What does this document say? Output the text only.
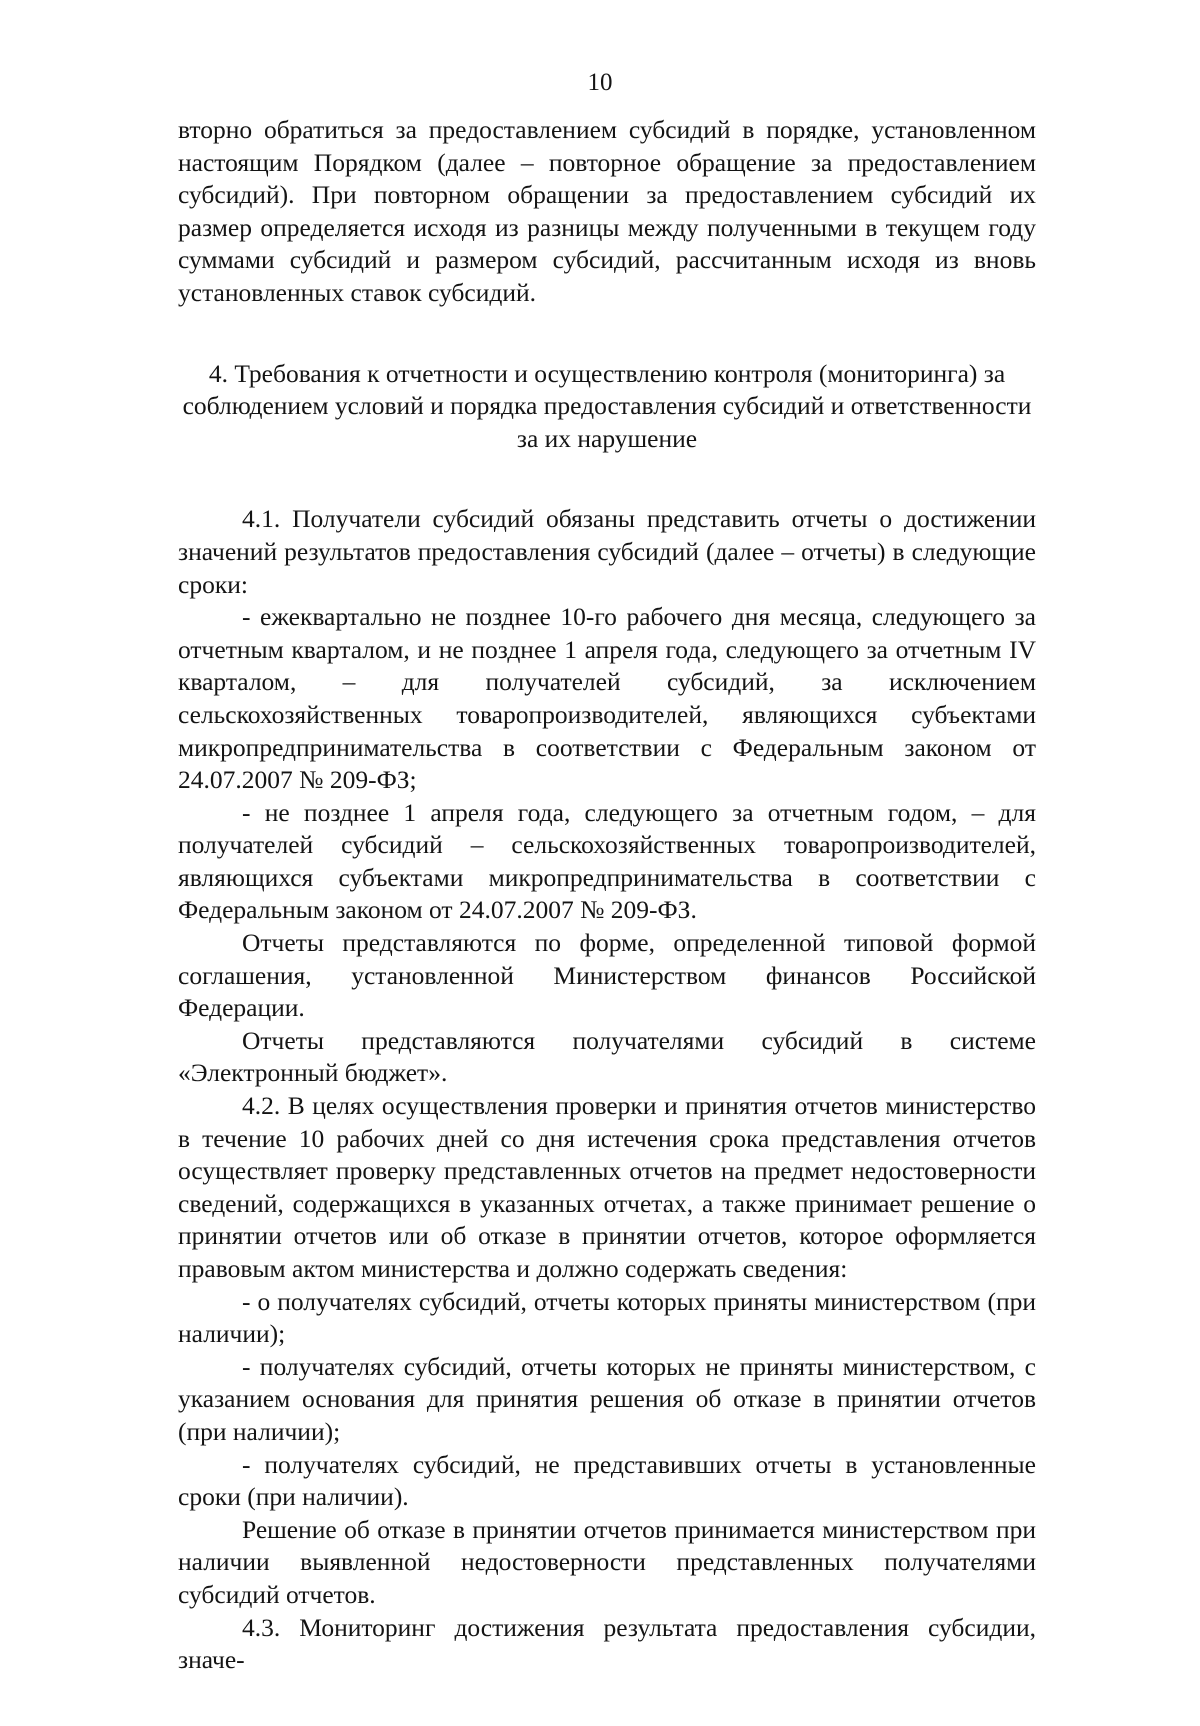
10

вторно обратиться за предоставлением субсидий в порядке, установленном настоящим Порядком (далее – повторное обращение за предоставлением субсидий). При повторном обращении за предоставлением субсидий их размер определяется исходя из разницы между полученными в текущем году суммами субсидий и размером субсидий, рассчитанным исходя из вновь установленных ставок субсидий.

4. Требования к отчетности и осуществлению контроля (мониторинга) за соблюдением условий и порядка предоставления субсидий и ответственности за их нарушение

4.1. Получатели субсидий обязаны представить отчеты о достижении значений результатов предоставления субсидий (далее – отчеты) в следующие сроки:

- ежеквартально не позднее 10-го рабочего дня месяца, следующего за отчетным кварталом, и не позднее 1 апреля года, следующего за отчетным IV кварталом, – для получателей субсидий, за исключением сельскохозяйственных товаропроизводителей, являющихся субъектами микропредпринимательства в соответствии с Федеральным законом от 24.07.2007 № 209-ФЗ;

- не позднее 1 апреля года, следующего за отчетным годом, – для получателей субсидий – сельскохозяйственных товаропроизводителей, являющихся субъектами микропредпринимательства в соответствии с Федеральным законом от 24.07.2007 № 209-ФЗ.

Отчеты представляются по форме, определенной типовой формой соглашения, установленной Министерством финансов Российской Федерации.

Отчеты представляются получателями субсидий в системе «Электронный бюджет».

4.2. В целях осуществления проверки и принятия отчетов министерство в течение 10 рабочих дней со дня истечения срока представления отчетов осуществляет проверку представленных отчетов на предмет недостоверности сведений, содержащихся в указанных отчетах, а также принимает решение о принятии отчетов или об отказе в принятии отчетов, которое оформляется правовым актом министерства и должно содержать сведения:

- о получателях субсидий, отчеты которых приняты министерством (при наличии);

- получателях субсидий, отчеты которых не приняты министерством, с указанием основания для принятия решения об отказе в принятии отчетов (при наличии);

- получателях субсидий, не представивших отчеты в установленные сроки (при наличии).

Решение об отказе в принятии отчетов принимается министерством при наличии выявленной недостоверности представленных получателями субсидий отчетов.

4.3. Мониторинг достижения результата предоставления субсидии, значе-
